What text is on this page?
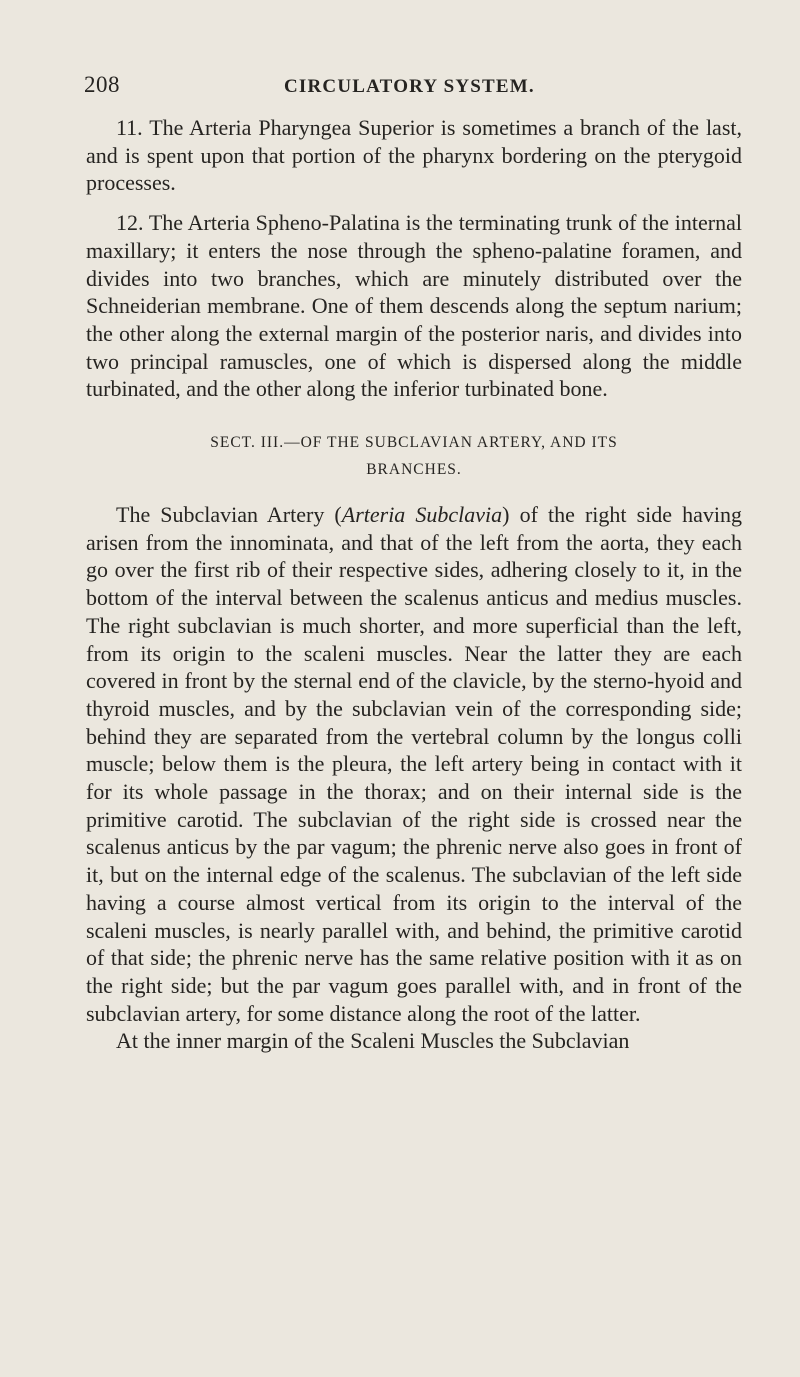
208	CIRCULATORY SYSTEM.

11. The Arteria Pharyngea Superior is sometimes a branch of the last, and is spent upon that portion of the pharynx bordering on the pterygoid processes.

12. The Arteria Spheno-Palatina is the terminating trunk of the internal maxillary; it enters the nose through the spheno-palatine foramen, and divides into two branches, which are minutely distributed over the Schneiderian membrane. One of them descends along the septum narium; the other along the external margin of the posterior naris, and divides into two principal ramuscles, one of which is dispersed along the middle turbinated, and the other along the inferior turbinated bone.

SECT. III.—OF THE SUBCLAVIAN ARTERY, AND ITS
BRANCHES.

The Subclavian Artery (Arteria Subclavia) of the right side having arisen from the innominata, and that of the left from the aorta, they each go over the first rib of their respective sides, adhering closely to it, in the bottom of the interval between the scalenus anticus and medius muscles. The right subclavian is much shorter, and more superficial than the left, from its origin to the scaleni muscles. Near the latter they are each covered in front by the sternal end of the clavicle, by the sterno-hyoid and thyroid muscles, and by the subclavian vein of the corresponding side; behind they are separated from the vertebral column by the longus colli muscle; below them is the pleura, the left artery being in contact with it for its whole passage in the thorax; and on their internal side is the primitive carotid. The subclavian of the right side is crossed near the scalenus anticus by the par vagum; the phrenic nerve also goes in front of it, but on the internal edge of the scalenus. The subclavian of the left side having a course almost vertical from its origin to the interval of the scaleni muscles, is nearly parallel with, and behind, the primitive carotid of that side; the phrenic nerve has the same relative position with it as on the right side; but the par vagum goes parallel with, and in front of the subclavian artery, for some distance along the root of the latter.

At the inner margin of the Scaleni Muscles the Subclavian
